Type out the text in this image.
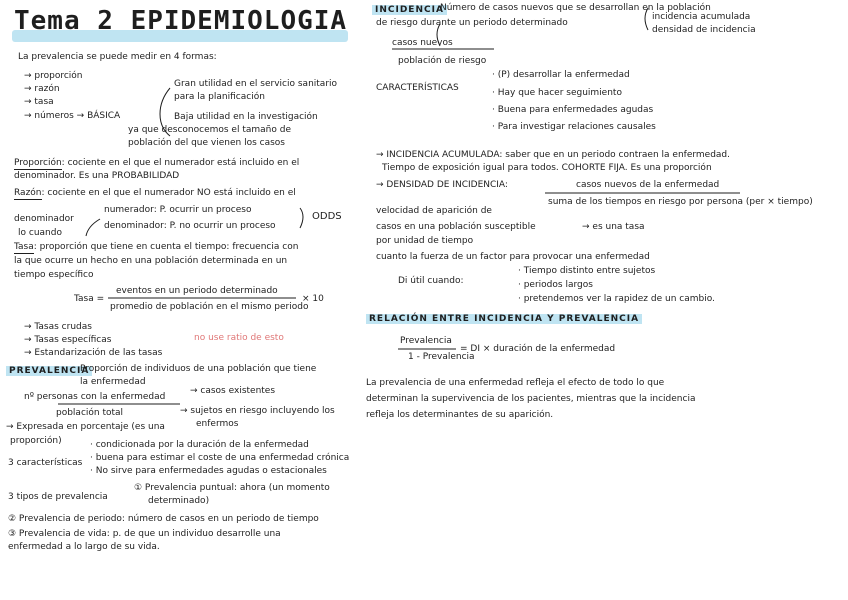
Tema 2 EPIDEMIOLOGIA
La prevalencia se puede medir en 4 formas:
→ proporción
→ razón
→ tasa
→ números → BÁSICA
Gran utilidad en el servicio sanitario
para la planificación
Baja utilidad en la investigación
ya que desconocemos el tamaño de
población del que vienen los casos
Proporción: cociente en el que el numerador está incluido en el
denominador. Es una PROBABILIDAD
Razón: cociente en el que el numerador NO está incluido en el
denominador
numerador: P. ocurrir un proceso
denominador: P. no ocurrir un proceso
ODDS
lo cuando
Tasa: proporción que tiene en cuenta el tiempo: frecuencia con
la que ocurre un hecho en una población determinada en un
tiempo específico
Tasa =
eventos en un periodo determinado
promedio de población en el mismo periodo
× 10
→ Tasas crudas
→ Tasas específicas
→ Estandarización de las tasas
no use ratio de esto
PREVALENCIA
Proporción de individuos de una población que tiene
la enfermedad
nº personas con la enfermedad
población total
→ casos existentes
→ sujetos en riesgo incluyendo los
enfermos
→ Expresada en porcentaje (es una
proporción)
3 características
· condicionada por la duración de la enfermedad
· buena para estimar el coste de una enfermedad crónica
· No sirve para enfermedades agudas o estacionales
3 tipos de prevalencia
① Prevalencia puntual: ahora (un momento
determinado)
② Prevalencia de periodo: número de casos en un periodo de tiempo
③ Prevalencia de vida: p. de que un individuo desarrolle una
enfermedad a lo largo de su vida.
INCIDENCIA
Número de casos nuevos que se desarrollan en la población
de riesgo durante un periodo determinado
incidencia acumulada
densidad de incidencia
casos nuevos
población de riesgo
CARACTERÍSTICAS
· (P) desarrollar la enfermedad
· Hay que hacer seguimiento
· Buena para enfermedades agudas
· Para investigar relaciones causales
→ INCIDENCIA ACUMULADA: saber que en un periodo contraen la enfermedad.
Tiempo de exposición igual para todos. COHORTE FIJA. Es una proporción
→ DENSIDAD DE INCIDENCIA:	casos nuevos de la enfermedad
suma de los tiempos en riesgo por persona (per × tiempo)
velocidad de aparición de
casos en una población susceptible	→ es una tasa
por unidad de tiempo
cuanto la fuerza de un factor para provocar una enfermedad
Di útil cuando:
· Tiempo distinto entre sujetos
· periodos largos
· pretendemos ver la rapidez de un cambio.
RELACIÓN ENTRE INCIDENCIA Y PREVALENCIA
Prevalencia
1 - Prevalencia
= DI × duración de la enfermedad
La prevalencia de una enfermedad refleja el efecto de todo lo que
determinan la supervivencia de los pacientes, mientras que la incidencia
refleja los determinantes de su aparición.
